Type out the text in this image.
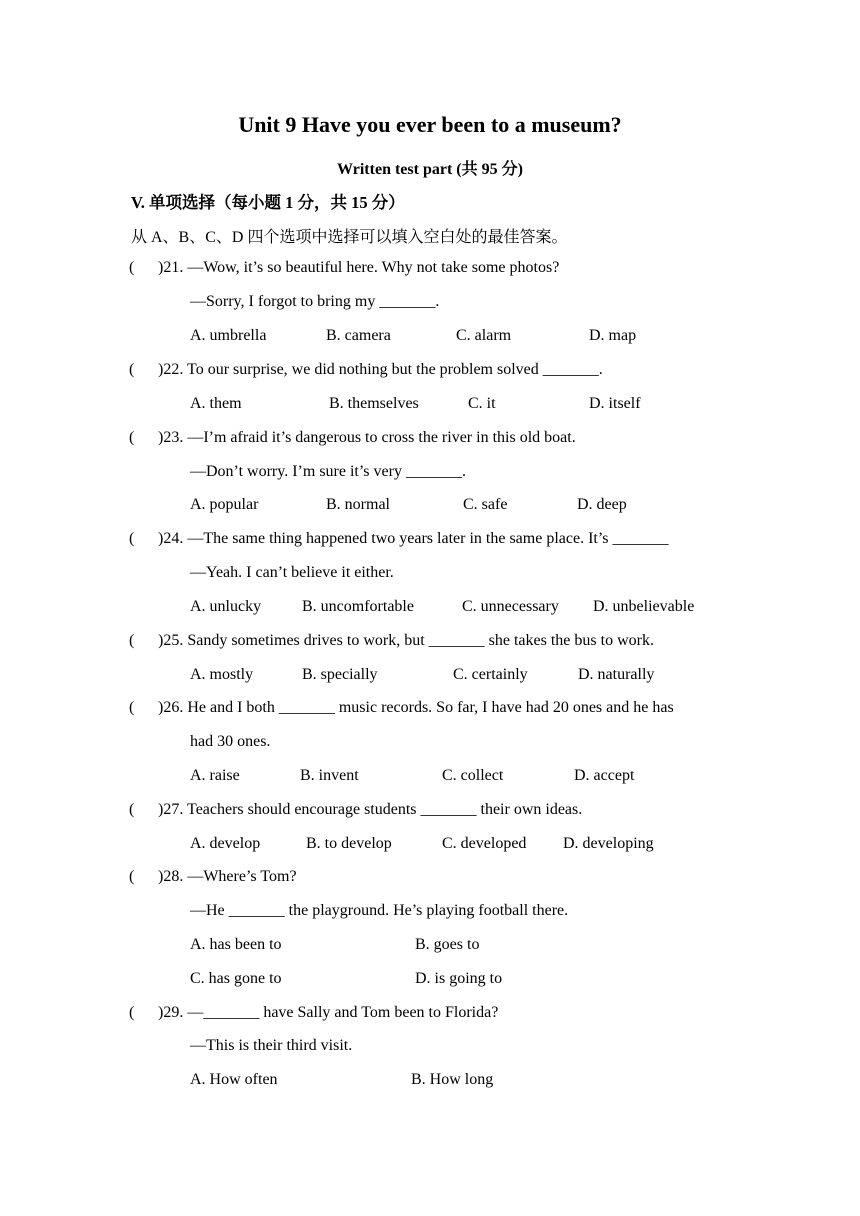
Unit 9 Have you ever been to a museum?
Written test part (共 95 分)
V. 单项选择（每小题 1 分，共 15 分）
从 A、B、C、D 四个选项中选择可以填入空白处的最佳答案。
( )21. —Wow, it’s so beautiful here. Why not take some photos?
—Sorry, I forgot to bring my _______.
A. umbrella	B. camera	C. alarm	D. map
( )22. To our surprise, we did nothing but the problem solved _______.
A. them	B. themselves	C. it	D. itself
( )23. —I’m afraid it’s dangerous to cross the river in this old boat.
—Don’t worry. I’m sure it’s very _______.
A. popular	B. normal	C. safe	D. deep
( )24. —The same thing happened two years later in the same place. It’s _______
—Yeah. I can’t believe it either.
A. unlucky	B. uncomfortable	C. unnecessary D. unbelievable
( )25. Sandy sometimes drives to work, but _______ she takes the bus to work.
A. mostly	B. specially	C. certainly	D. naturally
( )26. He and I both _______ music records. So far, I have had 20 ones and he has
had 30 ones.
A. raise	B. invent	C. collect	D. accept
( )27. Teachers should encourage students _______ their own ideas.
A. develop	B. to develop	C. developed D. developing
( )28. —Where’s Tom?
—He _______ the playground. He’s playing football there.
A. has been to	B. goes to
C. has gone to	D. is going to
( )29. —_______ have Sally and Tom been to Florida?
—This is their third visit.
A. How often	B. How long
